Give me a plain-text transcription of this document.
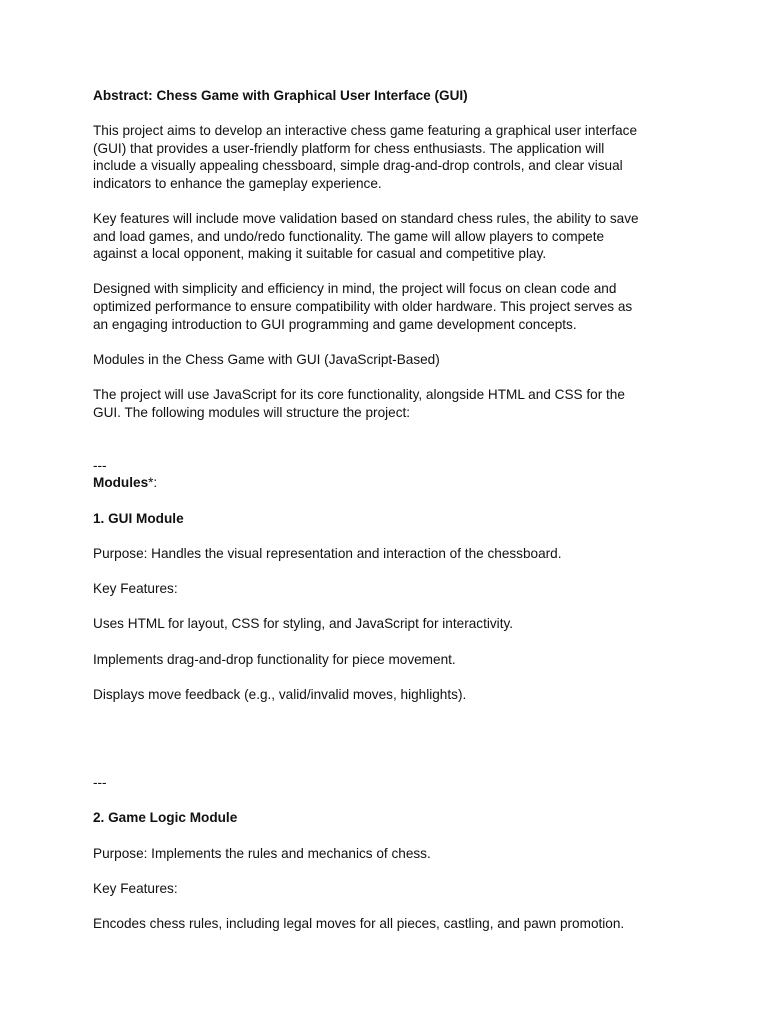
Abstract: Chess Game with Graphical User Interface (GUI)
This project aims to develop an interactive chess game featuring a graphical user interface
(GUI) that provides a user-friendly platform for chess enthusiasts. The application will
include a visually appealing chessboard, simple drag-and-drop controls, and clear visual
indicators to enhance the gameplay experience.
Key features will include move validation based on standard chess rules, the ability to save
and load games, and undo/redo functionality. The game will allow players to compete
against a local opponent, making it suitable for casual and competitive play.
Designed with simplicity and efficiency in mind, the project will focus on clean code and
optimized performance to ensure compatibility with older hardware. This project serves as
an engaging introduction to GUI programming and game development concepts.
Modules in the Chess Game with GUI (JavaScript-Based)
The project will use JavaScript for its core functionality, alongside HTML and CSS for the
GUI. The following modules will structure the project:
---
Modules*:
1. GUI Module
Purpose: Handles the visual representation and interaction of the chessboard.
Key Features:
Uses HTML for layout, CSS for styling, and JavaScript for interactivity.
Implements drag-and-drop functionality for piece movement.
Displays move feedback (e.g., valid/invalid moves, highlights).
---
2. Game Logic Module
Purpose: Implements the rules and mechanics of chess.
Key Features:
Encodes chess rules, including legal moves for all pieces, castling, and pawn promotion.
